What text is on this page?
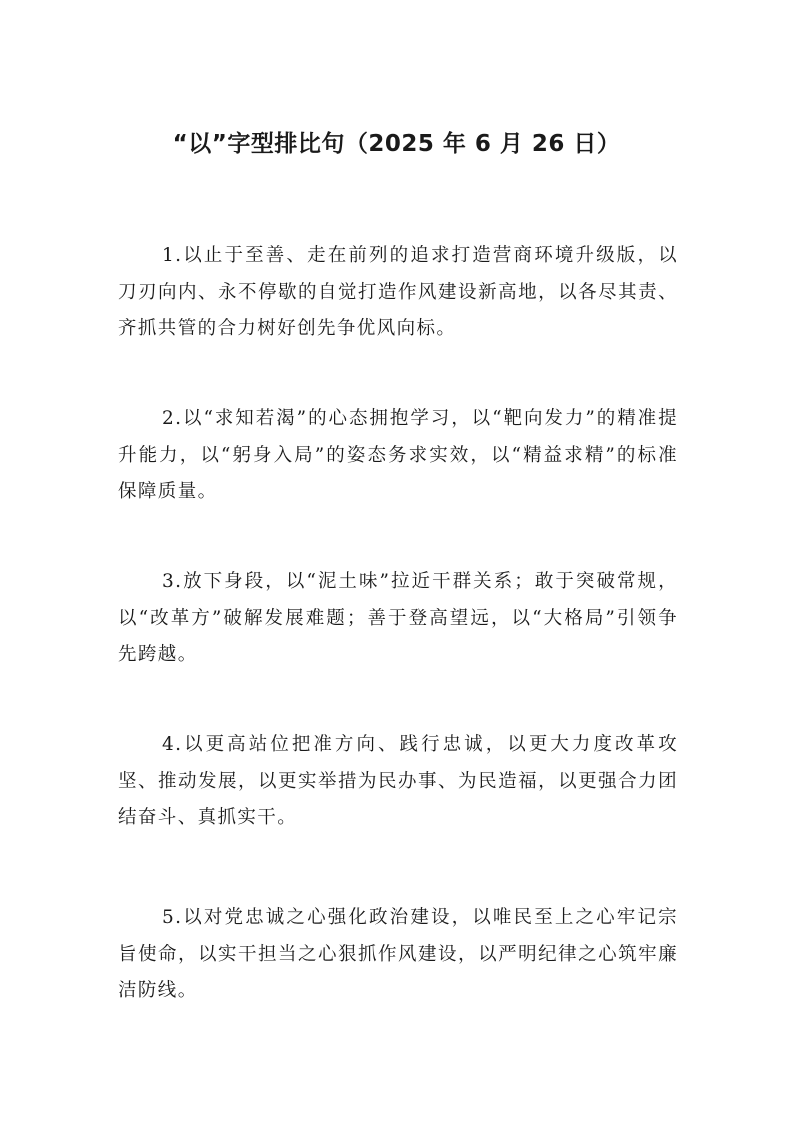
“以”字型排比句（2025 年 6 月 26 日）

1.以止于至善、走在前列的追求打造营商环境升级版，以刀刃向内、永不停歇的自觉打造作风建设新高地，以各尽其责、齐抓共管的合力树好创先争优风向标。

2.以“求知若渴”的心态拥抱学习，以“靶向发力”的精准提升能力，以“躬身入局”的姿态务求实效，以“精益求精”的标准保障质量。

3.放下身段，以“泥土味”拉近干群关系；敢于突破常规，以“改革方”破解发展难题；善于登高望远，以“大格局”引领争先跨越。

4.以更高站位把准方向、践行忠诚，以更大力度改革攻坚、推动发展，以更实举措为民办事、为民造福，以更强合力团结奋斗、真抓实干。

5.以对党忠诚之心强化政治建设，以唯民至上之心牢记宗旨使命，以实干担当之心狠抓作风建设，以严明纪律之心筑牢廉洁防线。
